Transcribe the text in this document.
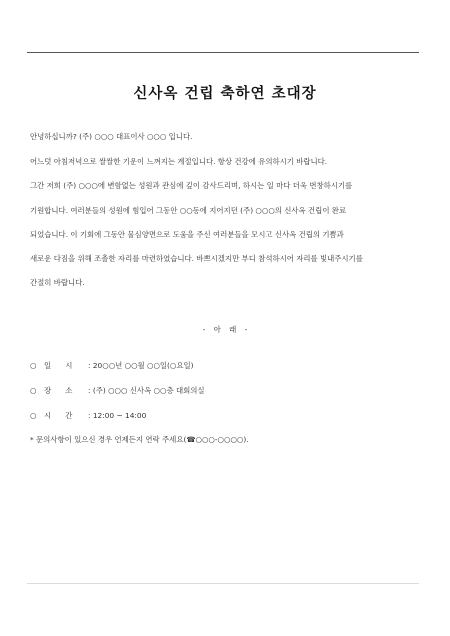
신사옥 건립 축하연 초대장
안녕하십니까? (주) ○○○ 대표이사 ○○○ 입니다.
어느덧 아침저녁으로 쌀쌀한 기운이 느껴지는 계절입니다. 항상 건강에 유의하시기 바랍니다.
그간 저희 (주) ○○○에 변함없는 성원과 관심에 깊이 감사드리며, 하시는 일 마다 더욱 번창하시기를
기원합니다. 여러분들의 성원에 힘입어 그동안 ○○동에 지어지던 (주) ○○○의 신사옥 건립이 완료
되었습니다. 이 기회에 그동안 물심양면으로 도움을 주신 여러분들을 모시고 신사옥 건립의 기쁨과
새로운 다짐을 위해 조촐한 자리를 마련하였습니다. 바쁘시겠지만 부디 참석하시어 자리를 빛내주시기를
간절히 바랍니다.
- 아 래 -
○ 일      시 : 20○○년 ○○월 ○○일(○요일)
○ 장      소 : (주) ○○○ 신사옥 ○○층 대회의실
○ 시      간 : 12:00 ~ 14:00
* 문의사항이 있으신 경우 언제든지 연락 주세요(☎○○○-○○○○).
